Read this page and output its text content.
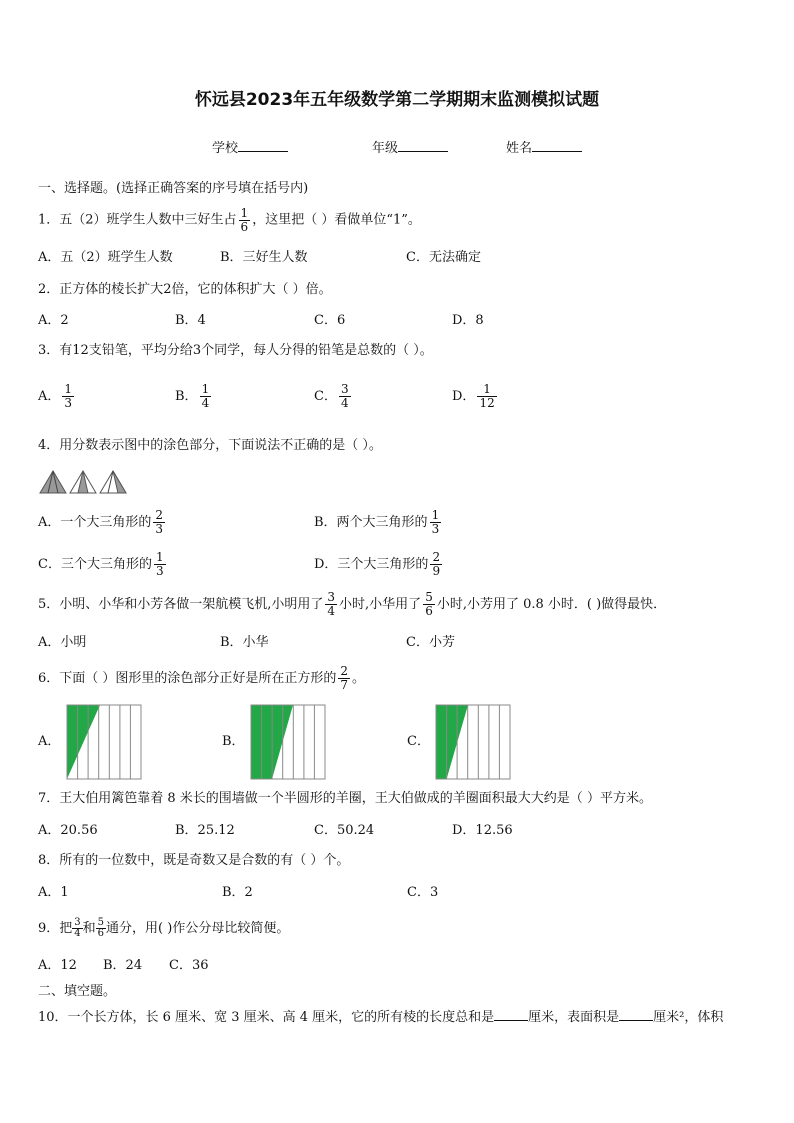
怀远县2023年五年级数学第二学期期末监测模拟试题
学校	年级	姓名
一、选择题。(选择正确答案的序号填在括号内)
1．五（2）班学生人数中三好生占 $\frac{1}{6}$ ，这里把（ ）看做单位“1”。
A．五（2）班学生人数	B．三好生人数	C．无法确定
2．正方体的棱长扩大2倍，它的体积扩大（ ）倍。
A．2	B．4	C．6	D．8
3．有12支铅笔，平均分给3个同学，每人分得的铅笔是总数的（ ）。
A． $\frac{1}{3}$	B． $\frac{1}{4}$	C． $\frac{3}{4}$	D． $\frac{1}{12}$
4．用分数表示图中的涂色部分，下面说法不正确的是（ ）。
A．一个大三角形的 $\frac{2}{3}$	B．两个大三角形的 $\frac{1}{3}$
C．三个大三角形的 $\frac{1}{3}$	D．三个大三角形的 $\frac{2}{9}$
5．小明、小华和小芳各做一架航模飞机,小明用了 $\frac{3}{4}$ 小时,小华用了 $\frac{5}{6}$ 小时,小芳用了 0.8 小时．( )做得最快．
A．小明	B．小华	C．小芳
6．下面（ ）图形里的涂色部分正好是所在正方形的 $\frac{2}{7}$ 。
A．	B．	C．
7．王大伯用篱笆靠着 8 米长的围墙做一个半圆形的羊圈，王大伯做成的羊圈面积最大大约是（ ）平方米。
A．20.56	B．25.12	C．50.24	D．12.56
8．所有的一位数中，既是奇数又是合数的有（ ）个。
A．1	B．2	C．3
9．把 $\frac{3}{4}$ 和 $\frac{5}{6}$ 通分，用( )作公分母比较简便。
A．12 B．24 C．36
二、填空题。
10．一个长方体，长 6 厘米、宽 3 厘米、高 4 厘米，它的所有棱的长度总和是	厘米，表面积是	厘米²，体积
